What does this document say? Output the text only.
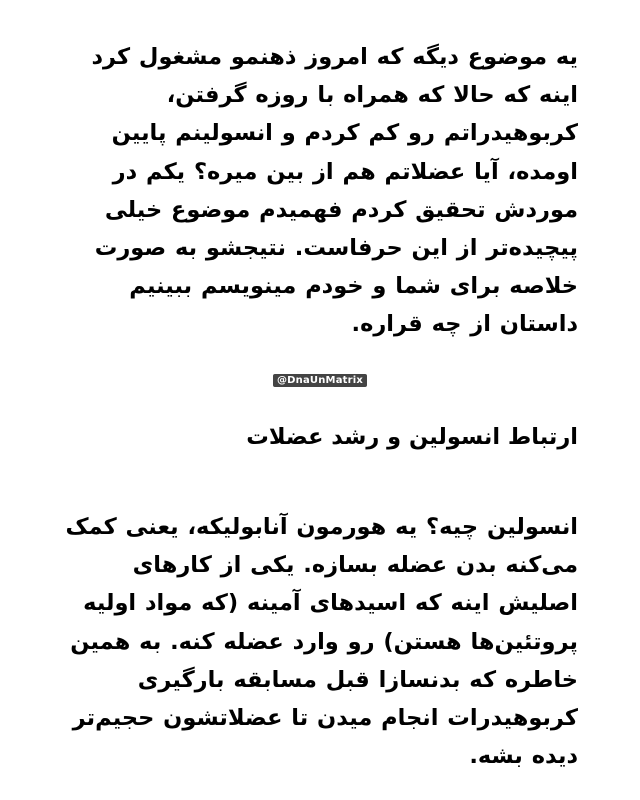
یه موضوع دیگه که امروز ذهنمو مشغول کرد اینه که حالا که همراه با روزه گرفتن، کربوهیدراتم رو کم کردم و انسولینم پایین اومده، آیا عضلاتم هم از بین میره؟ یکم در موردش تحقیق کردم فهمیدم موضوع خیلی پیچیده‌تر از این حرفاست. نتیجشو به صورت خلاصه برای شما و خودم مینویسم ببینیم داستان از چه قراره.

@DnaUnMatrix
ارتباط انسولین و رشد عضلات

انسولین چیه؟ یه هورمون آنابولیکه، یعنی کمک می‌کنه بدن عضله بسازه. یکی از کارهای اصلیش اینه که اسیدهای آمینه (که مواد اولیه پروتئین‌ها هستن) رو وارد عضله کنه. به همین خاطره که بدنسازا قبل مسابقه بارگیری کربوهیدرات انجام میدن تا عضلاتشون حجیم‌تر دیده بشه.
